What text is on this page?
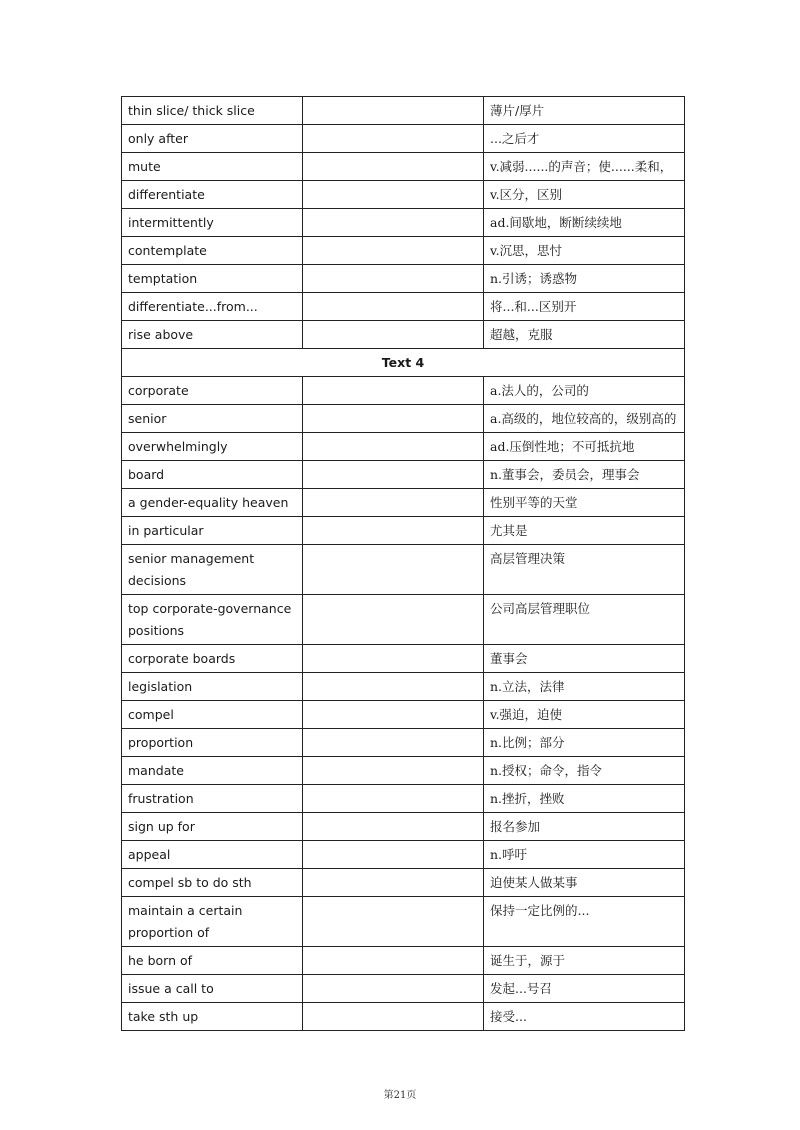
thin slice/ thick slice		薄片/厚片
only after		...之后才
mute		v.减弱......的声音；使......柔和，
differentiate		v.区分，区别
intermittently		ad.间歇地，断断续续地
contemplate		v.沉思，思忖
temptation		n.引诱；诱惑物
differentiate...from...		将...和...区别开
rise above		超越，克服
Text 4		
corporate		a.法人的，公司的
senior		a.高级的，地位较高的，级别高的
overwhelmingly		ad.压倒性地；不可抵抗地
board		n.董事会，委员会，理事会
a gender-equality heaven		性别平等的天堂
in particular		尤其是
senior management decisions		高层管理决策
top corporate-governance positions		公司高层管理职位
corporate boards		董事会
legislation		n.立法，法律
compel		v.强迫，迫使
proportion		n.比例；部分
mandate		n.授权；命令，指令
frustration		n.挫折，挫败
sign up for		报名参加
appeal		n.呼吁
compel sb to do sth		迫使某人做某事
maintain a certain proportion of		保持一定比例的...
he born of		诞生于，源于
issue a call to		发起...号召
take sth up		接受...
第21页
